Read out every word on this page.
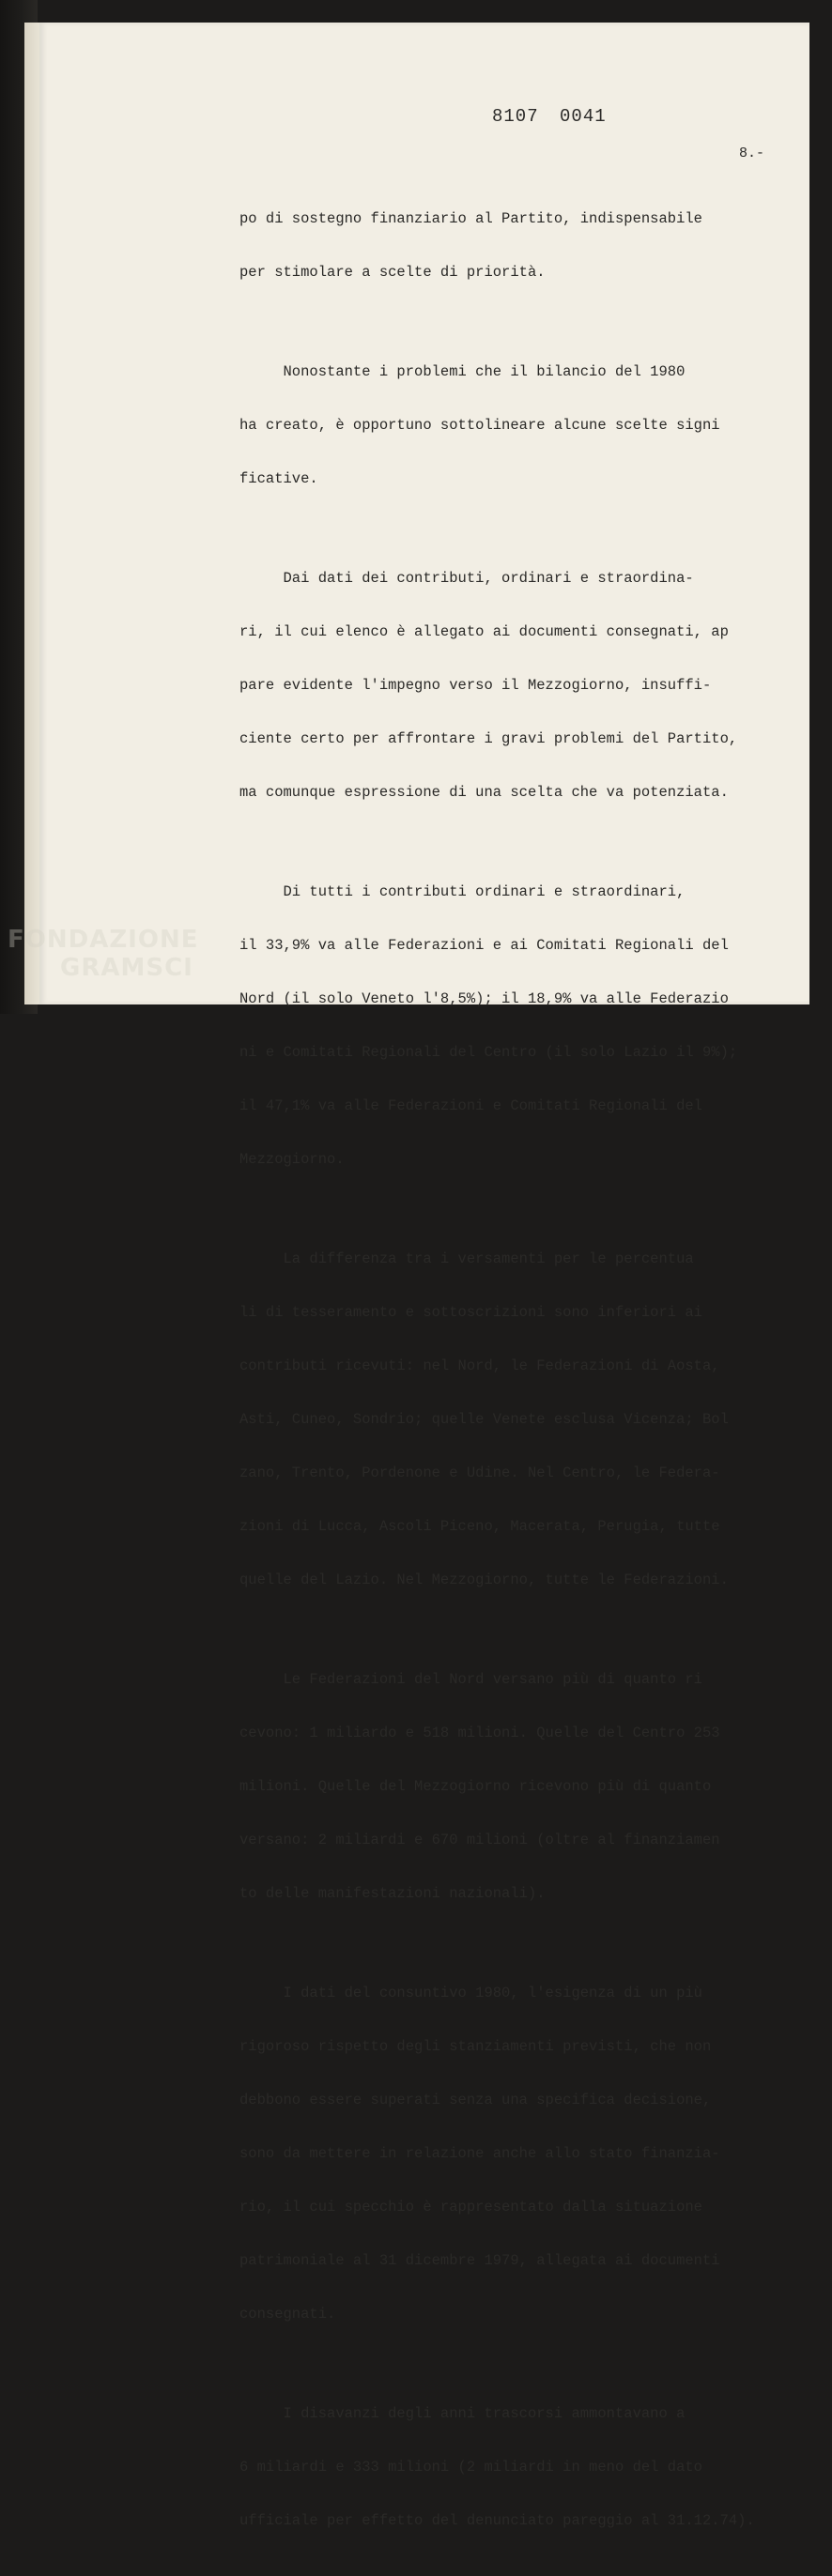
8107 0041
8.-

po di sostegno finanziario al Partito, indispensabile

per stimolare a scelte di priorità.

Nonostante i problemi che il bilancio del 1980

ha creato, è opportuno sottolineare alcune scelte signi

ficative.

Dai dati dei contributi, ordinari e straordina-

ri, il cui elenco è allegato ai documenti consegnati, ap

pare evidente l'impegno verso il Mezzogiorno, insuffi-

ciente certo per affrontare i gravi problemi del Partito,

ma comunque espressione di una scelta che va potenziata.

Di tutti i contributi ordinari e straordinari,

il 33,9% va alle Federazioni e ai Comitati Regionali del

Nord (il solo Veneto l'8,5%); il 18,9% va alle Federazio

ni e Comitati Regionali del Centro (il solo Lazio il 9%);

il 47,1% va alle Federazioni e Comitati Regionali del

Mezzogiorno.

La differenza tra i versamenti per le percentua

li di tesseramento e sottoscrizioni sono inferiori ai

contributi ricevuti: nel Nord, le Federazioni di Aosta,

Asti, Cuneo, Sondrio; quelle Venete esclusa Vicenza; Bol

zano, Trento, Pordenone e Udine. Nel Centro, le Federa-

zioni di Lucca, Ascoli Piceno, Macerata, Perugia, tutte

quelle del Lazio. Nel Mezzogiorno, tutte le Federazioni.

Le Federazioni del Nord versano più di quanto ri

cevono: 1 miliardo e 518 milioni. Quelle del Centro 253

milioni. Quelle del Mezzogiorno ricevono più di quanto

versano: 2 miliardi e 670 milioni (oltre al finanziamen

to delle manifestazioni nazionali).

I dati del consuntivo 1980, l'esigenza di un più

rigoroso rispetto degli stanziamenti previsti, che non

debbono essere superati senza una specifica decisione,

sono da mettere in relazione anche allo stato finanzia-

rio, il cui specchio è rappresentato dalla situazione

patrimoniale al 31 dicembre 1979, allegata ai documenti

consegnati.

I disavanzi degli anni trascorsi ammontavano a

6 miliardi e 333 milioni (2 miliardi in meno del dato

ufficiale per effetto del denunciato pareggio al 31.12.74).

FONDAZIONE
GRAMSCI
